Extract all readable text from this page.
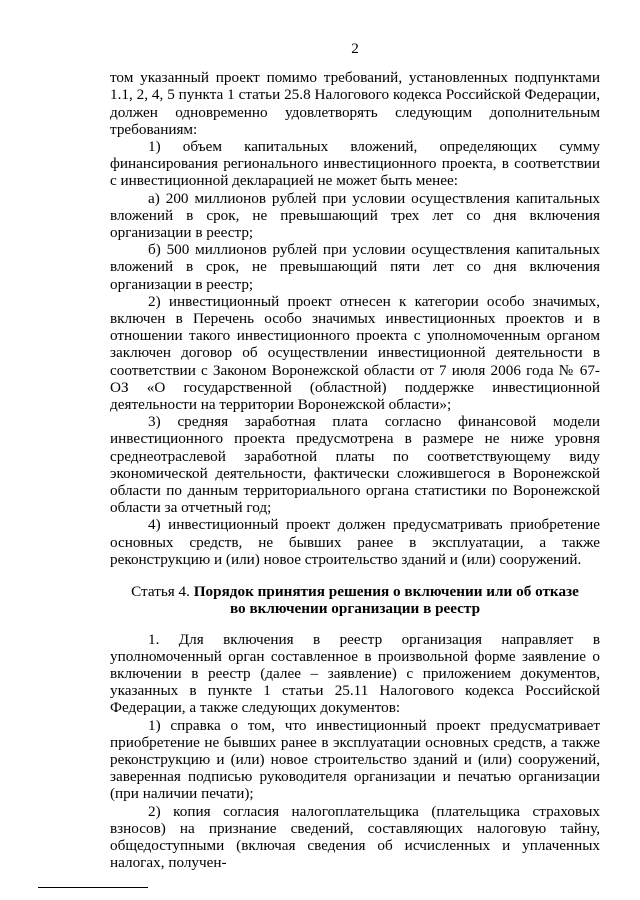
2

том указанный проект помимо требований, установленных подпунктами 1.1, 2, 4, 5 пункта 1 статьи 25.8 Налогового кодекса Российской Федерации, должен одновременно удовлетворять следующим дополнительным требованиям:

1) объем капитальных вложений, определяющих сумму финансирования регионального инвестиционного проекта, в соответствии с инвестиционной декларацией не может быть менее:

а) 200 миллионов рублей при условии осуществления капитальных вложений в срок, не превышающий трех лет со дня включения организации в реестр;

б) 500 миллионов рублей при условии осуществления капитальных вложений в срок, не превышающий пяти лет со дня включения организации в реестр;

2) инвестиционный проект отнесен к категории особо значимых, включен в Перечень особо значимых инвестиционных проектов и в отношении такого инвестиционного проекта с уполномоченным органом заключен договор об осуществлении инвестиционной деятельности в соответствии с Законом Воронежской области от 7 июля 2006 года № 67-ОЗ «О государственной (областной) поддержке инвестиционной деятельности на территории Воронежской области»;

3) средняя заработная плата согласно финансовой модели инвестиционного проекта предусмотрена в размере не ниже уровня среднеотраслевой заработной платы по соответствующему виду экономической деятельности, фактически сложившегося в Воронежской области по данным территориального органа статистики по Воронежской области за отчетный год;

4) инвестиционный проект должен предусматривать приобретение основных средств, не бывших ранее в эксплуатации, а также реконструкцию и (или) новое строительство зданий и (или) сооружений.

Статья 4. Порядок принятия решения о включении или об отказе
во включении организации в реестр

1. Для включения в реестр организация направляет в уполномоченный орган составленное в произвольной форме заявление о включении в реестр (далее – заявление) с приложением документов, указанных в пункте 1 статьи 25.11 Налогового кодекса Российской Федерации, а также следующих документов:

1) справка о том, что инвестиционный проект предусматривает приобретение не бывших ранее в эксплуатации основных средств, а также реконструкцию и (или) новое строительство зданий и (или) сооружений, заверенная подписью руководителя организации и печатью организации (при наличии печати);

2) копия согласия налогоплательщика (плательщика страховых взносов) на признание сведений, составляющих налоговую тайну, общедоступными (включая сведения об исчисленных и уплаченных налогах, получен-
